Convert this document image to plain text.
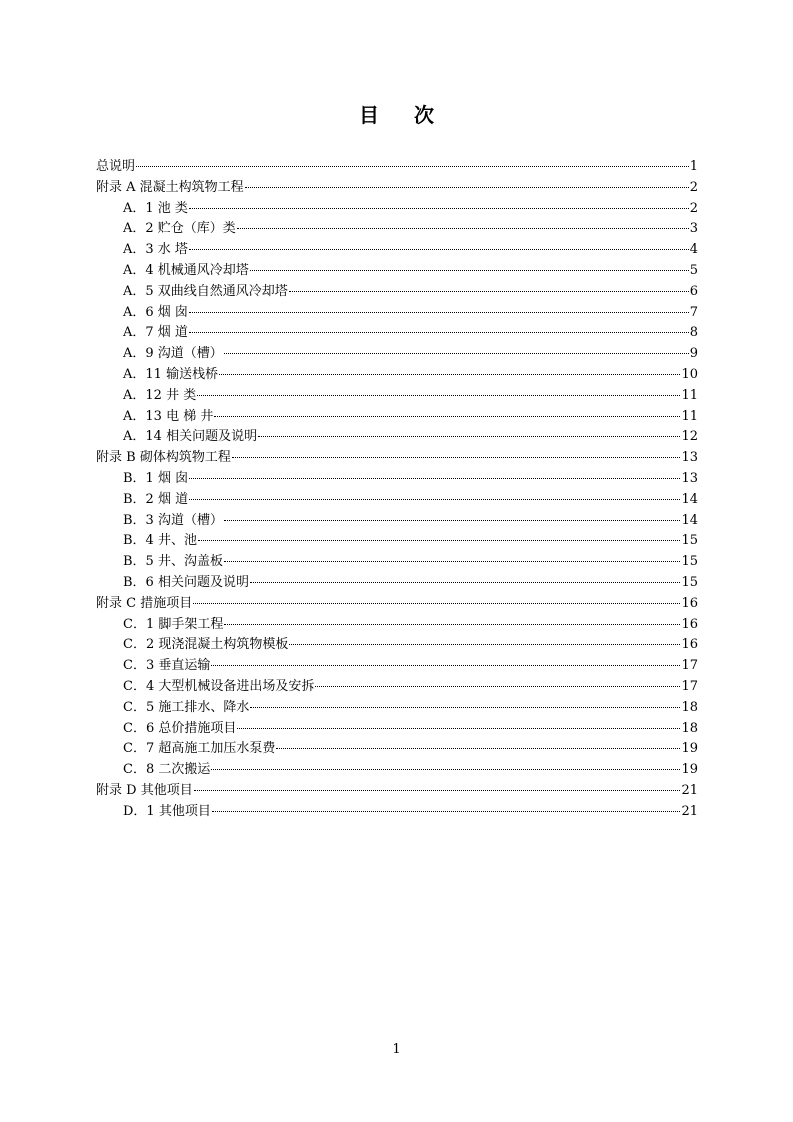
目 次
总说明	1
附录 A 混凝土构筑物工程	2
A．1 池 类	2
A．2 贮仓（库）类	3
A．3 水 塔	4
A．4 机械通风冷却塔	5
A．5 双曲线自然通风冷却塔	6
A．6 烟 囱	7
A．7 烟 道	8
A．9 沟道（槽）	9
A．11 输送栈桥	10
A．12 井 类	11
A．13 电 梯 井	11
A．14 相关问题及说明	12
附录 B 砌体构筑物工程	13
B．1 烟 囱	13
B．2 烟 道	14
B．3 沟道（槽）	14
B．4 井、池	15
B．5 井、沟盖板	15
B．6 相关问题及说明	15
附录 C 措施项目	16
C．1 脚手架工程	16
C．2 现浇混凝土构筑物模板	16
C．3 垂直运输	17
C．4 大型机械设备进出场及安拆	17
C．5 施工排水、降水	18
C．6 总价措施项目	18
C．7 超高施工加压水泵费	19
C．8 二次搬运	19
附录 D 其他项目	21
D．1 其他项目	21
1
